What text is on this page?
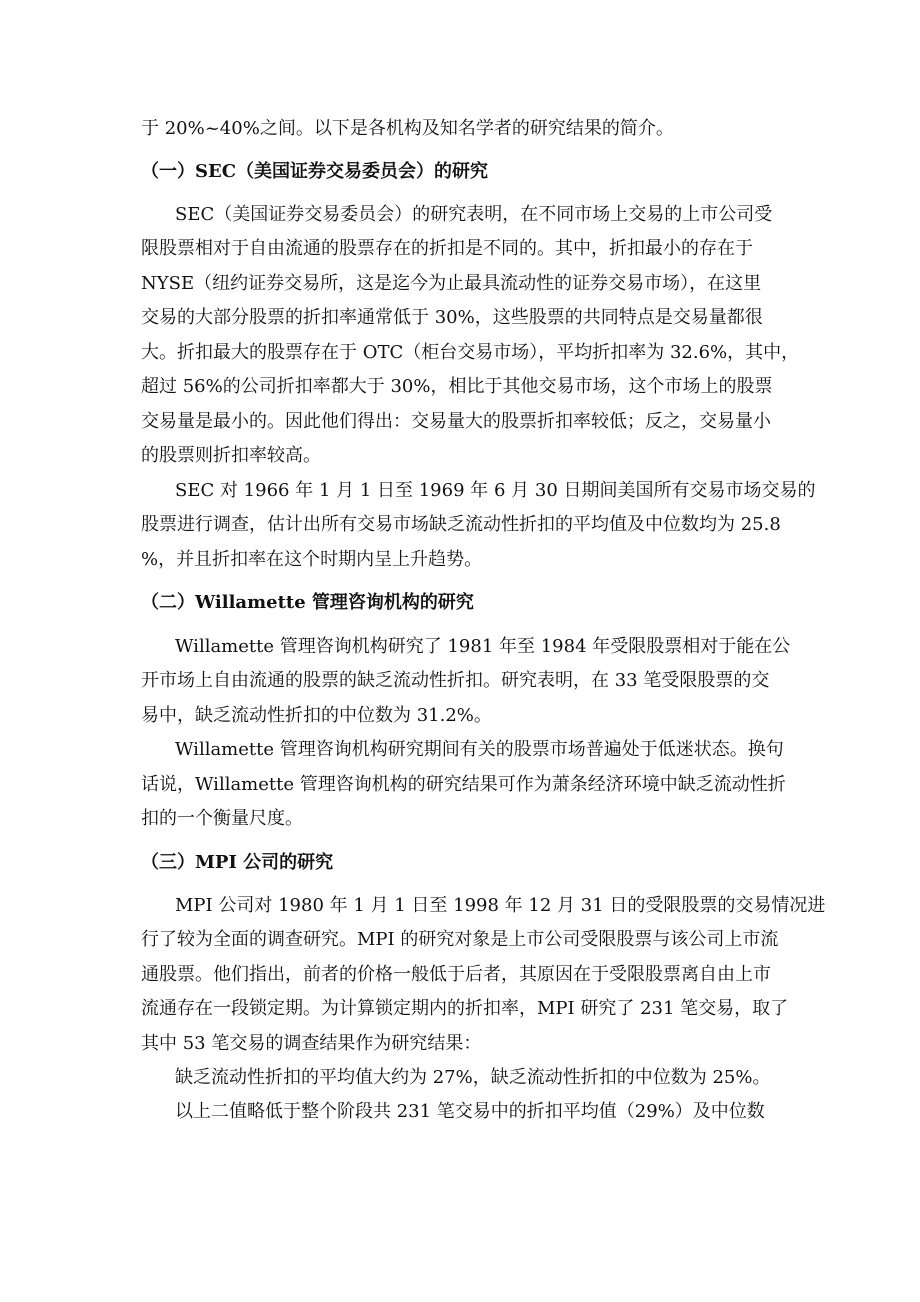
于 20%~40%之间。以下是各机构及知名学者的研究结果的简介。

（一）SEC（美国证券交易委员会）的研究

SEC（美国证券交易委员会）的研究表明，在不同市场上交易的上市公司受

限股票相对于自由流通的股票存在的折扣是不同的。其中，折扣最小的存在于

NYSE（纽约证券交易所，这是迄今为止最具流动性的证券交易市场），在这里

交易的大部分股票的折扣率通常低于 30%，这些股票的共同特点是交易量都很

大。折扣最大的股票存在于 OTC（柜台交易市场），平均折扣率为 32.6%，其中，

超过 56%的公司折扣率都大于 30%，相比于其他交易市场，这个市场上的股票

交易量是最小的。因此他们得出：交易量大的股票折扣率较低；反之，交易量小

的股票则折扣率较高。

SEC 对 1966 年 1 月 1 日至 1969 年 6 月 30 日期间美国所有交易市场交易的

股票进行调查，估计出所有交易市场缺乏流动性折扣的平均值及中位数均为 25.8

%，并且折扣率在这个时期内呈上升趋势。

（二）Willamette 管理咨询机构的研究

Willamette 管理咨询机构研究了 1981 年至 1984 年受限股票相对于能在公

开市场上自由流通的股票的缺乏流动性折扣。研究表明，在 33 笔受限股票的交

易中，缺乏流动性折扣的中位数为 31.2%。

Willamette 管理咨询机构研究期间有关的股票市场普遍处于低迷状态。换句

话说，Willamette 管理咨询机构的研究结果可作为萧条经济环境中缺乏流动性折

扣的一个衡量尺度。

（三）MPI 公司的研究

MPI 公司对 1980 年 1 月 1 日至 1998 年 12 月 31 日的受限股票的交易情况进

行了较为全面的调查研究。MPI 的研究对象是上市公司受限股票与该公司上市流

通股票。他们指出，前者的价格一般低于后者，其原因在于受限股票离自由上市

流通存在一段锁定期。为计算锁定期内的折扣率，MPI 研究了 231 笔交易，取了

其中 53 笔交易的调查结果作为研究结果：

缺乏流动性折扣的平均值大约为 27%，缺乏流动性折扣的中位数为 25%。

以上二值略低于整个阶段共 231 笔交易中的折扣平均值（29%）及中位数
